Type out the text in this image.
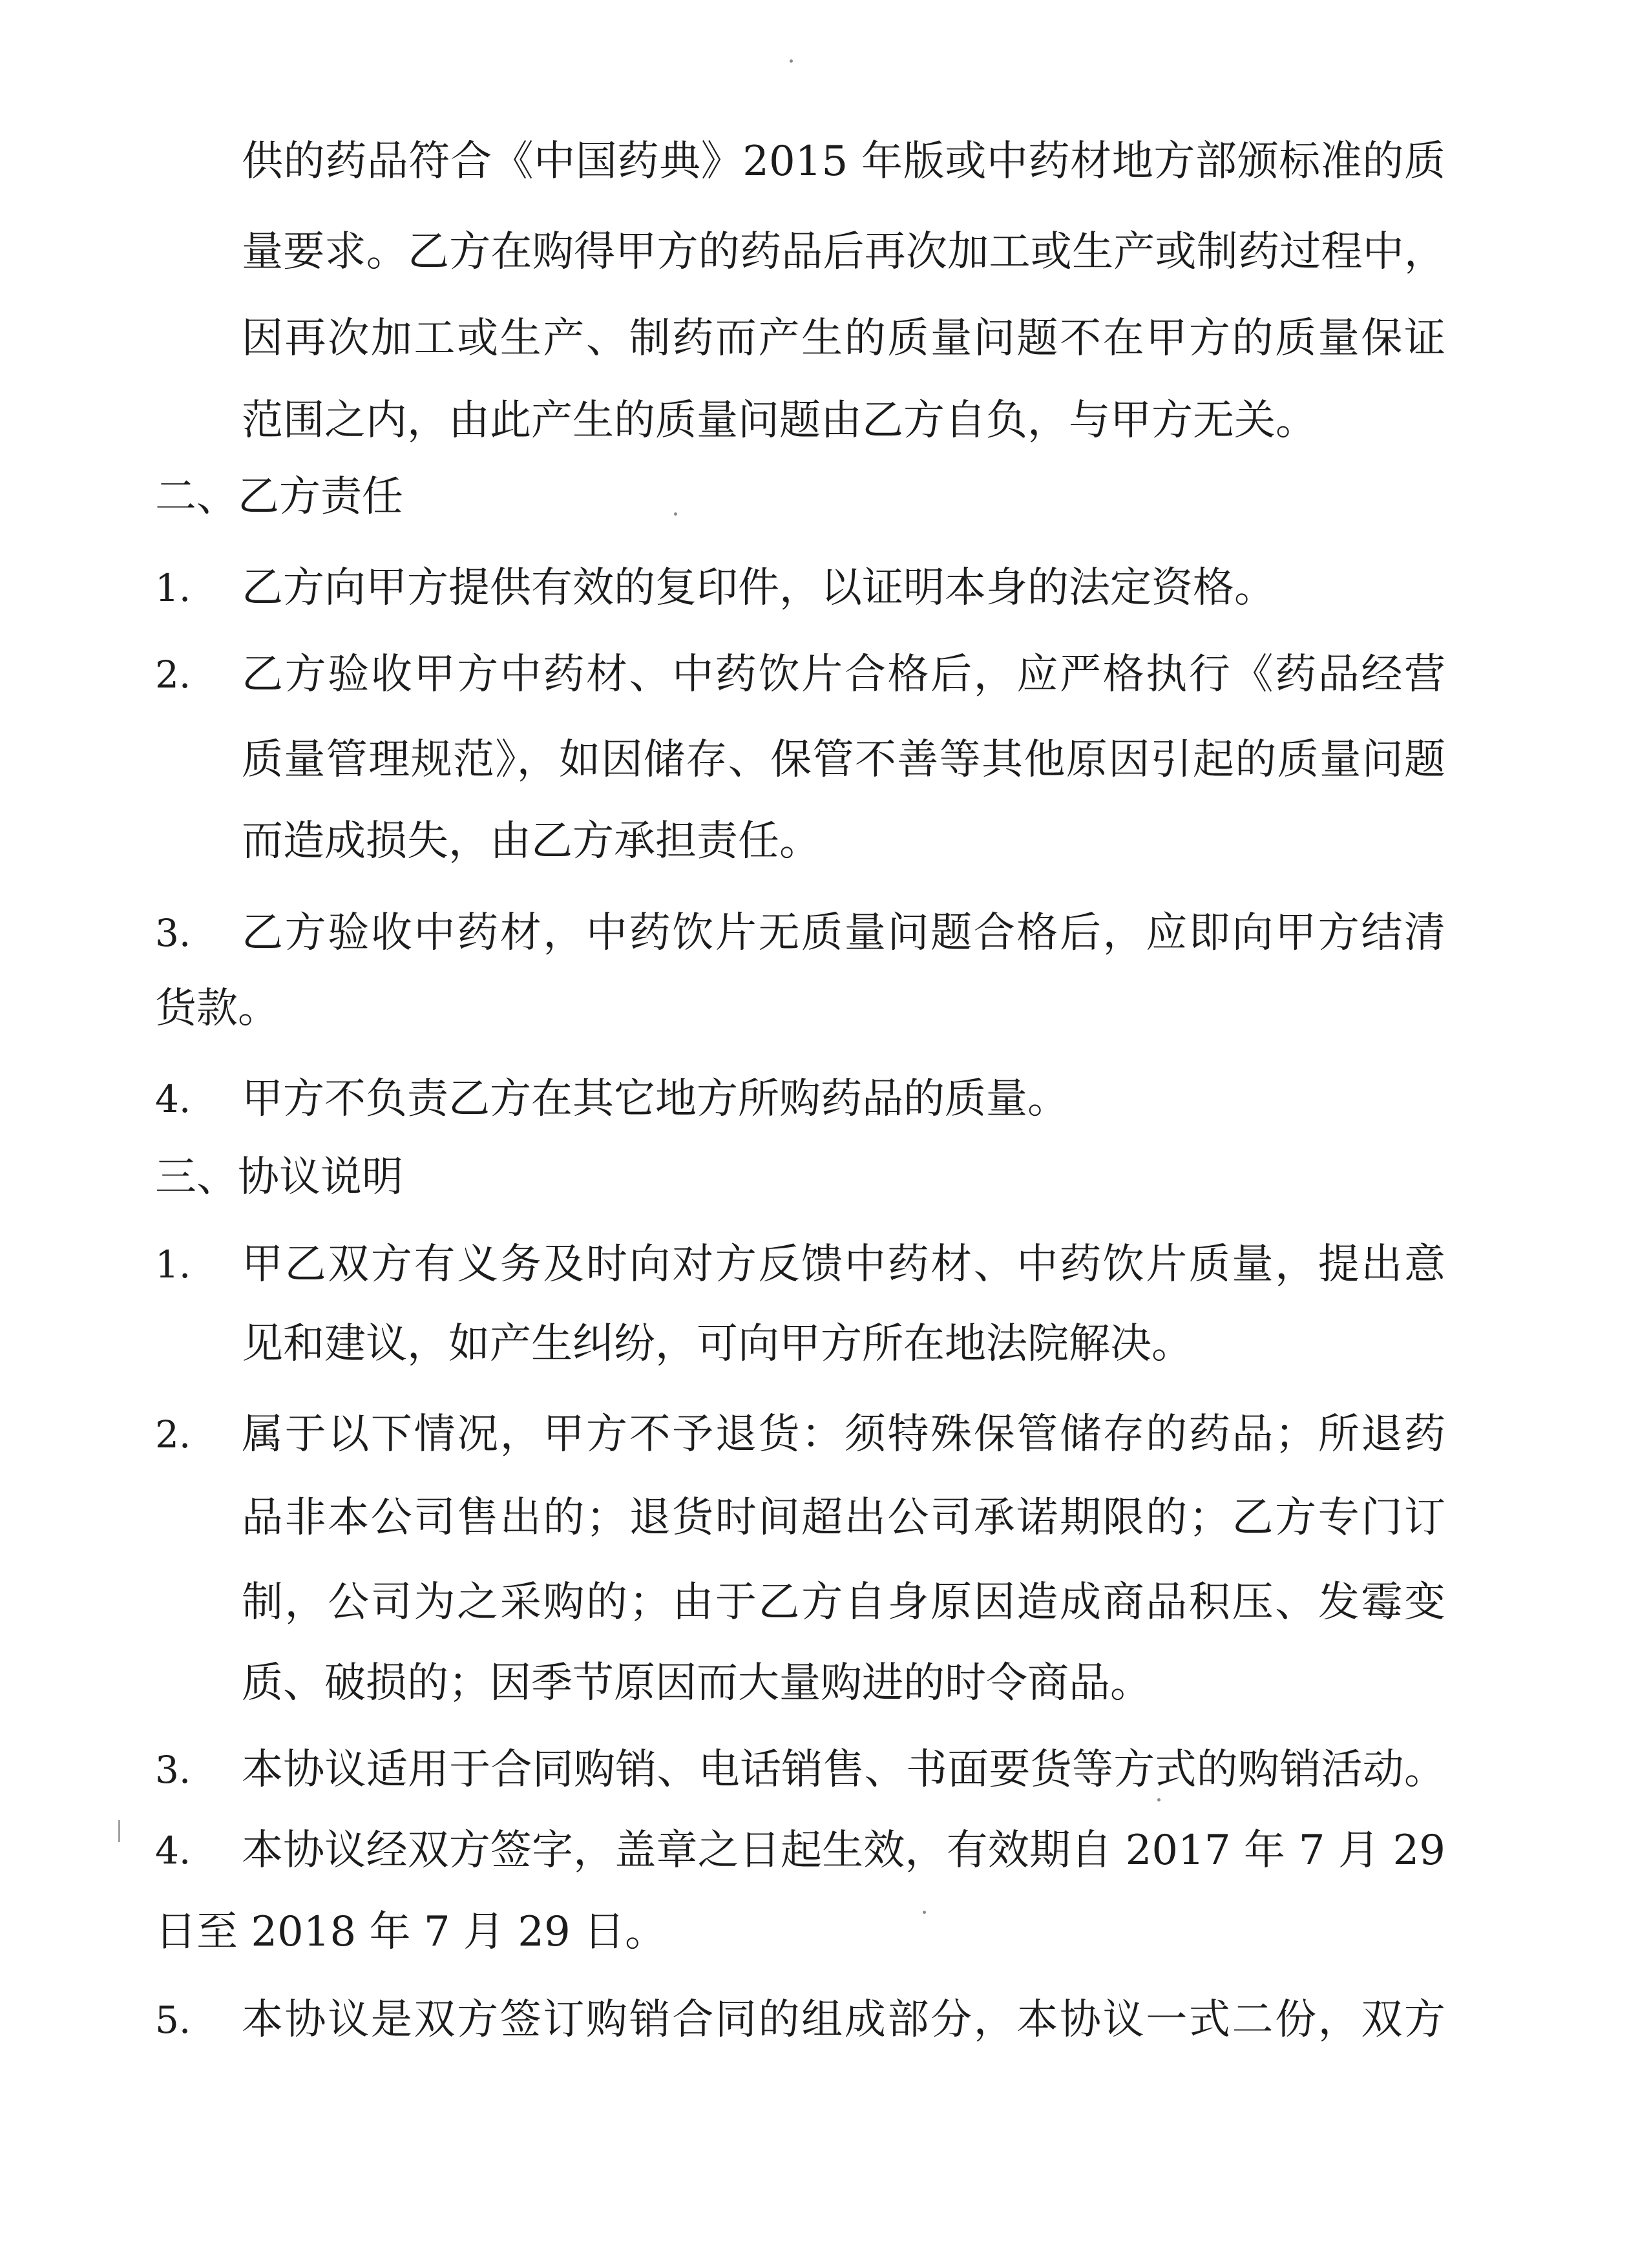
供的药品符合《中国药典》2015 年版或中药材地方部颁标准的质
量要求。乙方在购得甲方的药品后再次加工或生产或制药过程中，
因再次加工或生产、制药而产生的质量问题不在甲方的质量保证
范围之内，由此产生的质量问题由乙方自负，与甲方无关。
二、乙方责任
1. 乙方向甲方提供有效的复印件，以证明本身的法定资格。
2. 乙方验收甲方中药材、中药饮片合格后，应严格执行《药品经营
质量管理规范》，如因储存、保管不善等其他原因引起的质量问题
而造成损失，由乙方承担责任。
3. 乙方验收中药材，中药饮片无质量问题合格后，应即向甲方结清
货款。
4. 甲方不负责乙方在其它地方所购药品的质量。
三、协议说明
1. 甲乙双方有义务及时向对方反馈中药材、中药饮片质量，提出意
见和建议，如产生纠纷，可向甲方所在地法院解决。
2. 属于以下情况，甲方不予退货：须特殊保管储存的药品；所退药
品非本公司售出的；退货时间超出公司承诺期限的；乙方专门订
制，公司为之采购的；由于乙方自身原因造成商品积压、发霉变
质、破损的；因季节原因而大量购进的时令商品。
3. 本协议适用于合同购销、电话销售、书面要货等方式的购销活动。
4. 本协议经双方签字，盖章之日起生效，有效期自 2017 年 7 月 29
日至 2018 年 7 月 29 日。
5. 本协议是双方签订购销合同的组成部分，本协议一式二份，双方
